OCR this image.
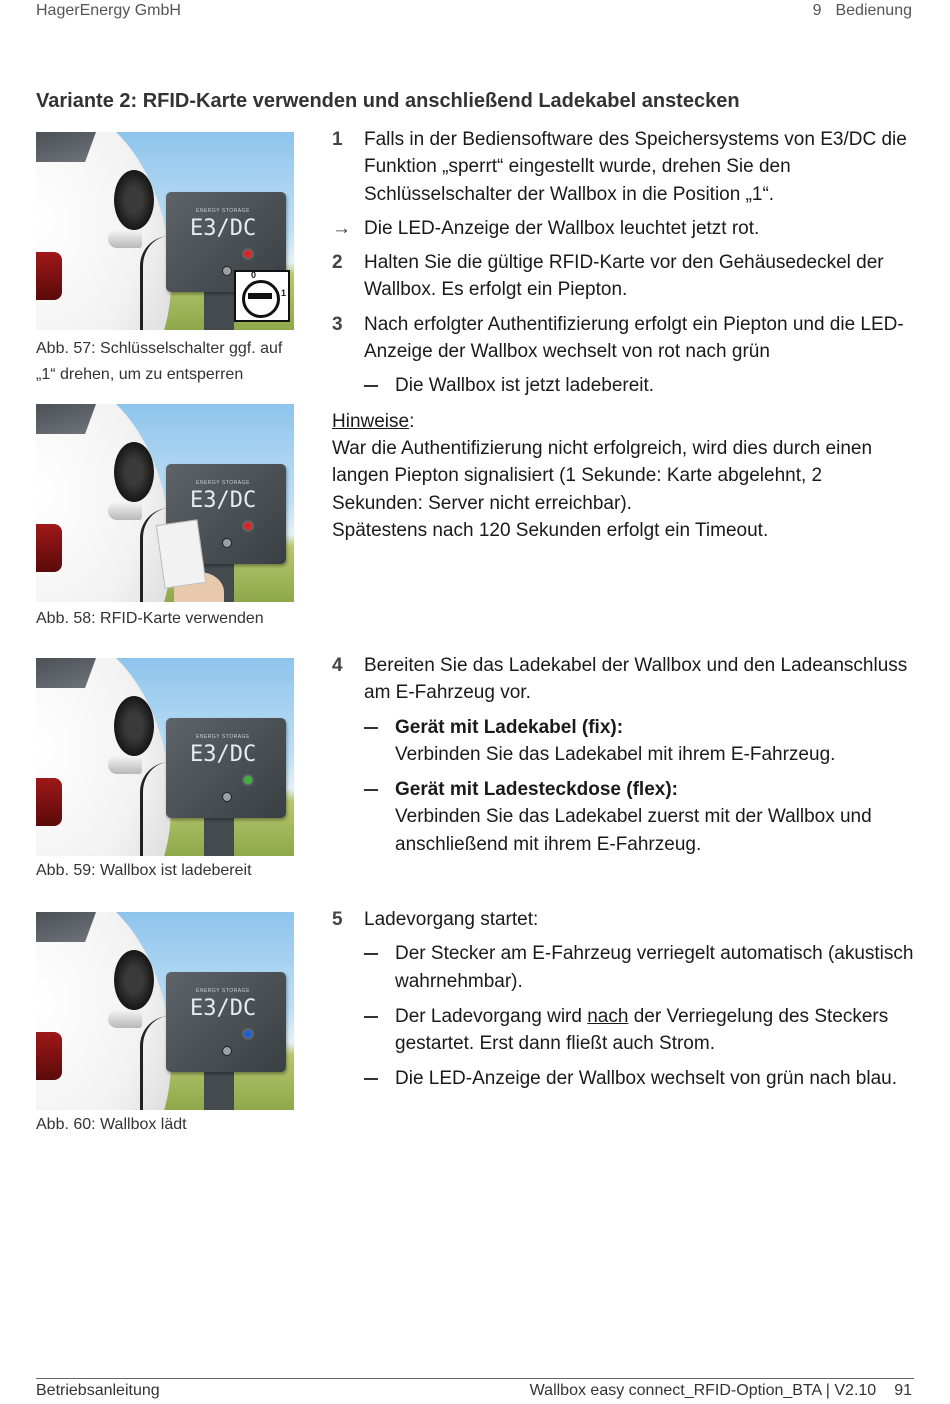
HagerEnergy GmbH	9 Bedienung
Variante 2: RFID-Karte verwenden und anschließend Ladekabel anstecken
ENERGY STORAGE
E3/DC
0
1
Abb. 57: Schlüsselschalter ggf. auf „1“ drehen, um zu entsperren
ENERGY STORAGE
E3/DC
Abb. 58: RFID-Karte verwenden
ENERGY STORAGE
E3/DC
Abb. 59: Wallbox ist ladebereit
ENERGY STORAGE
E3/DC
Abb. 60: Wallbox lädt
1 Falls in der Bediensoftware des Speichersystems von E3/DC die Funktion „sperrt“ eingestellt wurde, drehen Sie den Schlüsselschalter der Wallbox in die Position „1“.
→ Die LED-Anzeige der Wallbox leuchtet jetzt rot.
2 Halten Sie die gültige RFID-Karte vor den Gehäusedeckel der Wallbox. Es erfolgt ein Piepton.
3 Nach erfolgter Authentifizierung erfolgt ein Piepton und die LED-Anzeige der Wallbox wechselt von rot nach grün
Die Wallbox ist jetzt ladebereit.
Hinweise:
War die Authentifizierung nicht erfolgreich, wird dies durch einen langen Piepton signalisiert (1 Sekunde: Karte abgelehnt, 2 Sekunden: Server nicht erreichbar).
Spätestens nach 120 Sekunden erfolgt ein Timeout.
4 Bereiten Sie das Ladekabel der Wallbox und den Ladeanschluss am E-Fahrzeug vor.
Gerät mit Ladekabel (fix):
Verbinden Sie das Ladekabel mit ihrem E-Fahrzeug.
Gerät mit Ladesteckdose (flex):
Verbinden Sie das Ladekabel zuerst mit der Wallbox und anschließend mit ihrem E-Fahrzeug.
5 Ladevorgang startet:
Der Stecker am E-Fahrzeug verriegelt automatisch (akustisch wahrnehmbar).
Der Ladevorgang wird nach der Verriegelung des Steckers gestartet. Erst dann fließt auch Strom.
Die LED-Anzeige der Wallbox wechselt von grün nach blau.
Betriebsanleitung	Wallbox easy connect_RFID-Option_BTA | V2.10 91
